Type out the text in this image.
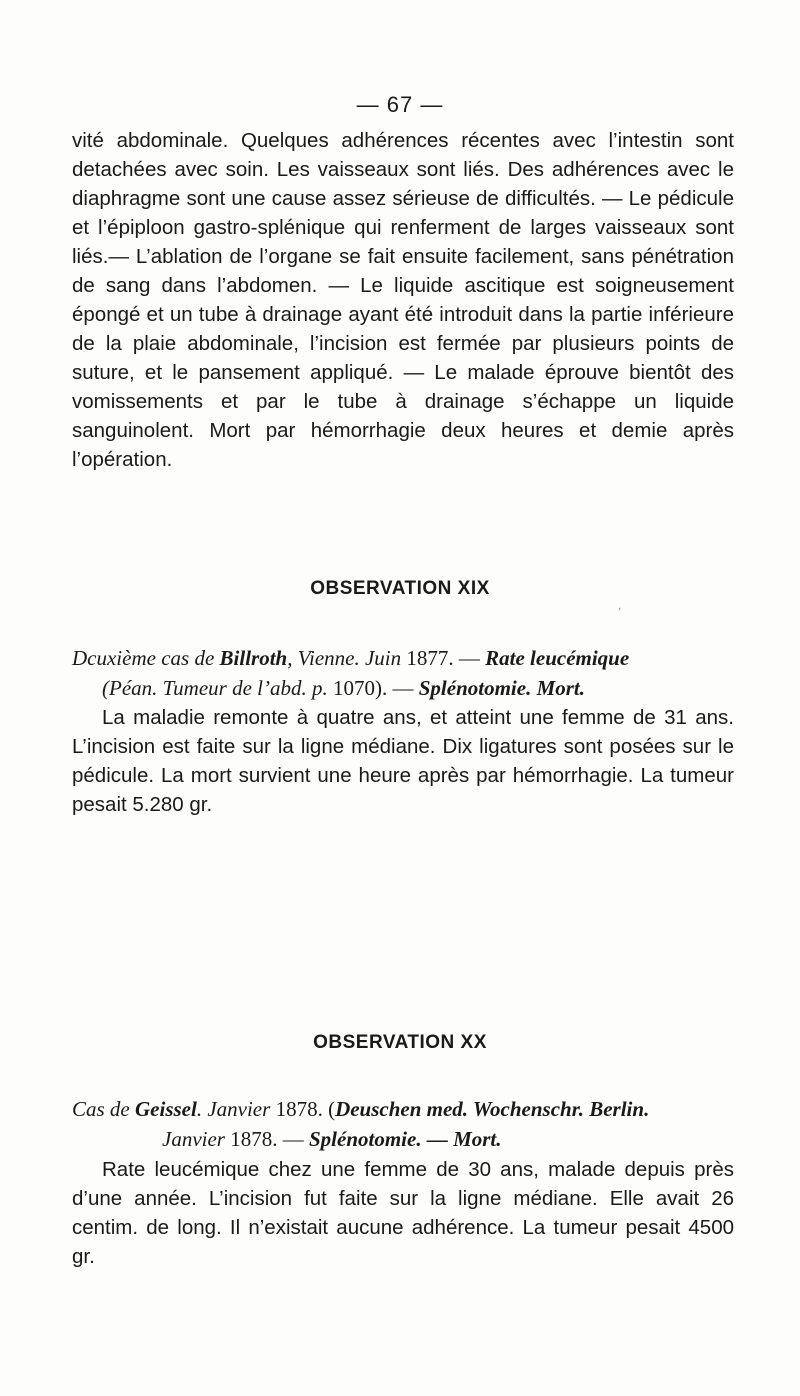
— 67 —
vité abdominale. Quelques adhérences récentes avec l’intestin sont detachées avec soin. Les vaisseaux sont liés. Des adhérences avec le diaphragme sont une cause assez sérieuse de difficultés. — Le pédicule et l’épiploon gastro-splénique qui renferment de larges vaisseaux sont liés.— L’ablation de l’organe se fait ensuite facilement, sans pénétration de sang dans l’abdomen. — Le liquide ascitique est soigneusement épongé et un tube à drainage ayant été introduit dans la partie inférieure de la plaie abdominale, l’incision est fermée par plusieurs points de suture, et le pansement appliqué. — Le malade éprouve bientôt des vomissements et par le tube à drainage s’échappe un liquide sanguinolent. Mort par hémorrhagie deux heures et demie après l’opération.
OBSERVATION XIX
,
Dcuxième cas de Billroth, Vienne. Juin 1877. — Rate leucémique
(Péan. Tumeur de l’abd. p. 1070). — Splénotomie. Mort.
La maladie remonte à quatre ans, et atteint une femme de 31 ans. L’incision est faite sur la ligne médiane. Dix ligatures sont posées sur le pédicule. La mort survient une heure après par hémorrhagie. La tumeur pesait 5.280 gr.
OBSERVATION XX
Cas de Geissel. Janvier 1878. (Deuschen med. Wochenschr. Berlin.
Janvier 1878. — Splénotomie. — Mort.
Rate leucémique chez une femme de 30 ans, malade depuis près d’une année. L’incision fut faite sur la ligne médiane. Elle avait 26 centim. de long. Il n’existait aucune adhérence. La tumeur pesait 4500 gr.
